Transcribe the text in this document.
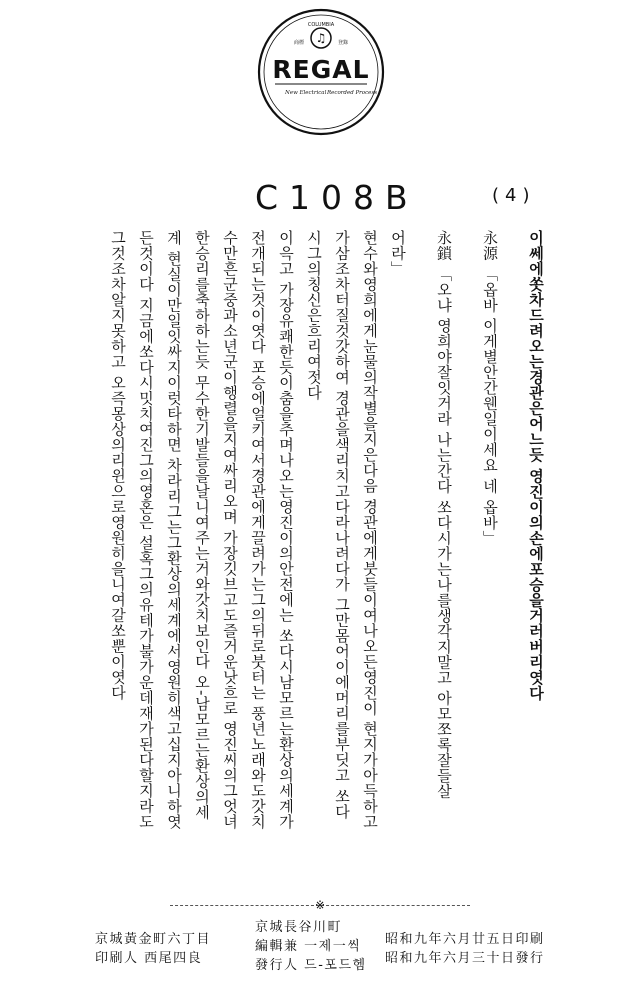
♫
COLUMBIA
商標	登錄
REGAL
New Electrical Recorded Process
C108B	(4)

이쎄에쏫차드려오는경관은어느듯 영진이의손에포승을거러버리엿다

永源 「옵바 이게별안간웬일이세요 네 옵바」

永鎖 「오냐 영희야잘잇거라 나는간다 쏘다시가는나를생각지말고 아모쪼록잘들살

어라」

현수와영희에게눈물의작별을지은다음 경관에게붓들이여나오든영진이 현지가아득하고

가삼조차터질것갓하여 경관을색리치고다라나려다가 그만몸어이에머리를부딧고 쏘다

시그의칭신은흐리여젓다

이윽고 가장유쾌한듯이춤을추며나오는영진이의안전에는 쏘다시남모르는환상의세계가

전개되는것이엿다 포승에얼키여서경관에게끌려가는그의뒤로붓터는 풍년노래와도갓치

수만흔군중과소년군이행렬을지여싸리오며 가장깃브고도즐거운낫흐로 영진씨의그엇녀

한승리를축하하는듯 무수한기발들을날니여주는거와갓치보인다 오-남모르는환상의세

계 현실이만일잇싸지이럿타하면 차라리그는그환상의세계에서영원히색고십지아니하엿

든것이다 지금에쏘다시밋치여진그의영혼은 설혹그의유테가불가운데재가된다할지라도

그것조차알지못하고 오즉몽상의리윈으로영원히을니여갈쏘뿐이엿다

※
昭和九年六月廿五日印刷
昭和九年六月三十日發行
京城長谷川町
編輯兼 一제一씩
發行人 드-포드헴
京城黃金町六丁目
印刷人 西尾四良
